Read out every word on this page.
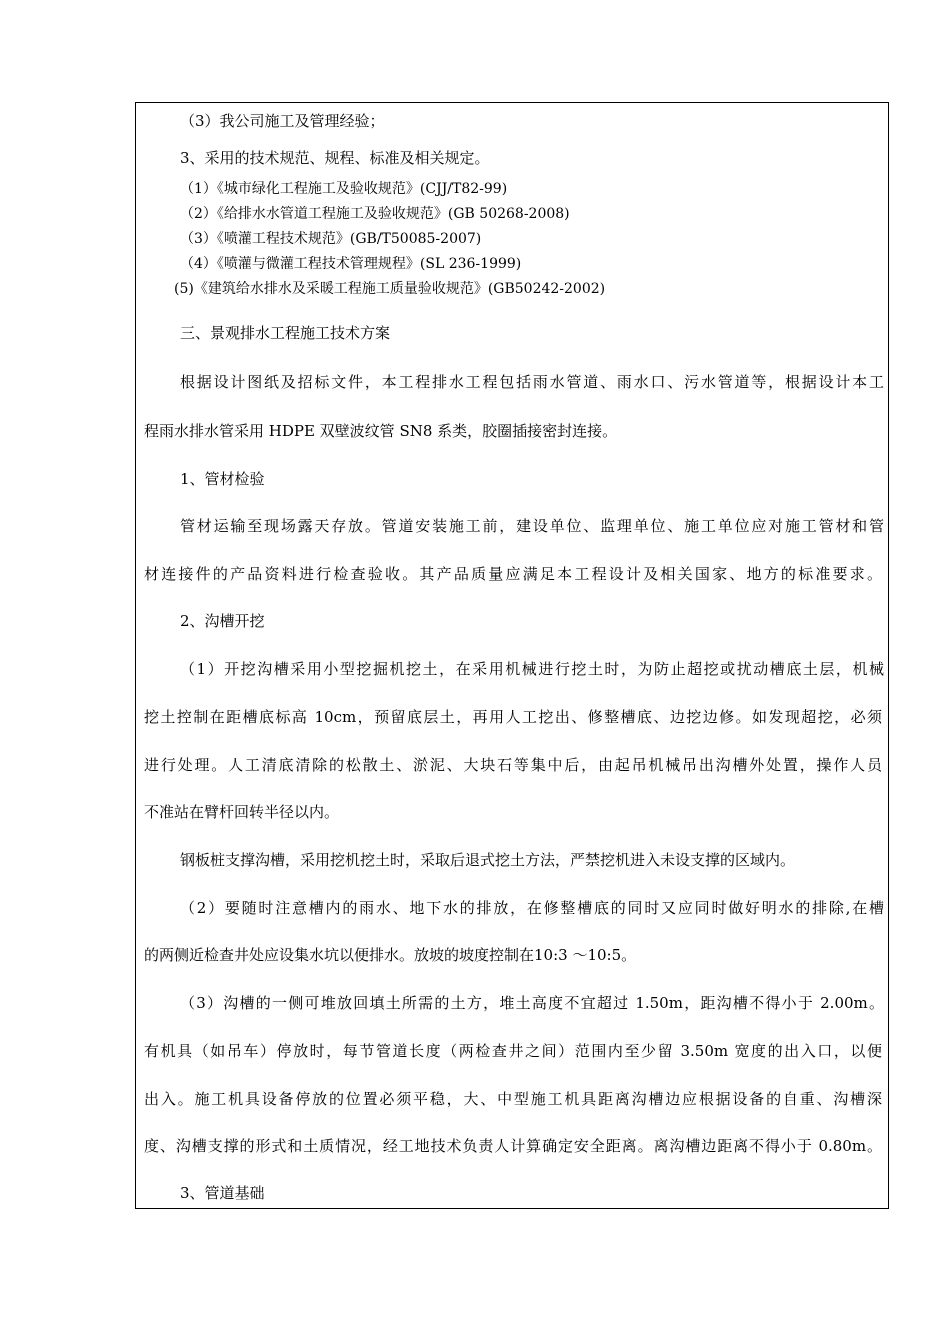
（3）我公司施工及管理经验；
3、采用的技术规范、规程、标准及相关规定。
（1）《城市绿化工程施工及验收规范》(CJJ/T82-99)
（2）《给排水水管道工程施工及验收规范》(GB 50268-2008)
（3）《喷灌工程技术规范》(GB/T50085-2007)
（4）《喷灌与微灌工程技术管理规程》(SL 236-1999)
(5)《建筑给水排水及采暖工程施工质量验收规范》(GB50242-2002)
三、景观排水工程施工技术方案
根据设计图纸及招标文件，本工程排水工程包括雨水管道、雨水口、污水管道等，根据设计本工
程雨水排水管采用 HDPE 双壁波纹管 SN8 系类，胶圈插接密封连接。
1、管材检验
管材运输至现场露天存放。管道安装施工前，建设单位、监理单位、施工单位应对施工管材和管
材连接件的产品资料进行检查验收。其产品质量应满足本工程设计及相关国家、地方的标准要求。
2、沟槽开挖
（1）开挖沟槽采用小型挖掘机挖土，在采用机械进行挖土时，为防止超挖或扰动槽底土层，机械
挖土控制在距槽底标高 10cm，预留底层土，再用人工挖出、修整槽底、边挖边修。如发现超挖，必须
进行处理。人工清底清除的松散土、淤泥、大块石等集中后，由起吊机械吊出沟槽外处置，操作人员
不准站在臂杆回转半径以内。
钢板桩支撑沟槽，采用挖机挖土时，采取后退式挖土方法，严禁挖机进入未设支撑的区域内。
（2）要随时注意槽内的雨水、地下水的排放，在修整槽底的同时又应同时做好明水的排除,在槽
的两侧近检查井处应设集水坑以便排水。放坡的坡度控制在10:3 ～10:5。
（3）沟槽的一侧可堆放回填土所需的土方，堆土高度不宜超过 1.50m，距沟槽不得小于 2.00m。
有机具（如吊车）停放时，每节管道长度（两检查井之间）范围内至少留 3.50m 宽度的出入口，以便
出入。施工机具设备停放的位置必须平稳，大、中型施工机具距离沟槽边应根据设备的自重、沟槽深
度、沟槽支撑的形式和土质情况，经工地技术负责人计算确定安全距离。离沟槽边距离不得小于 0.80m。
3、管道基础
